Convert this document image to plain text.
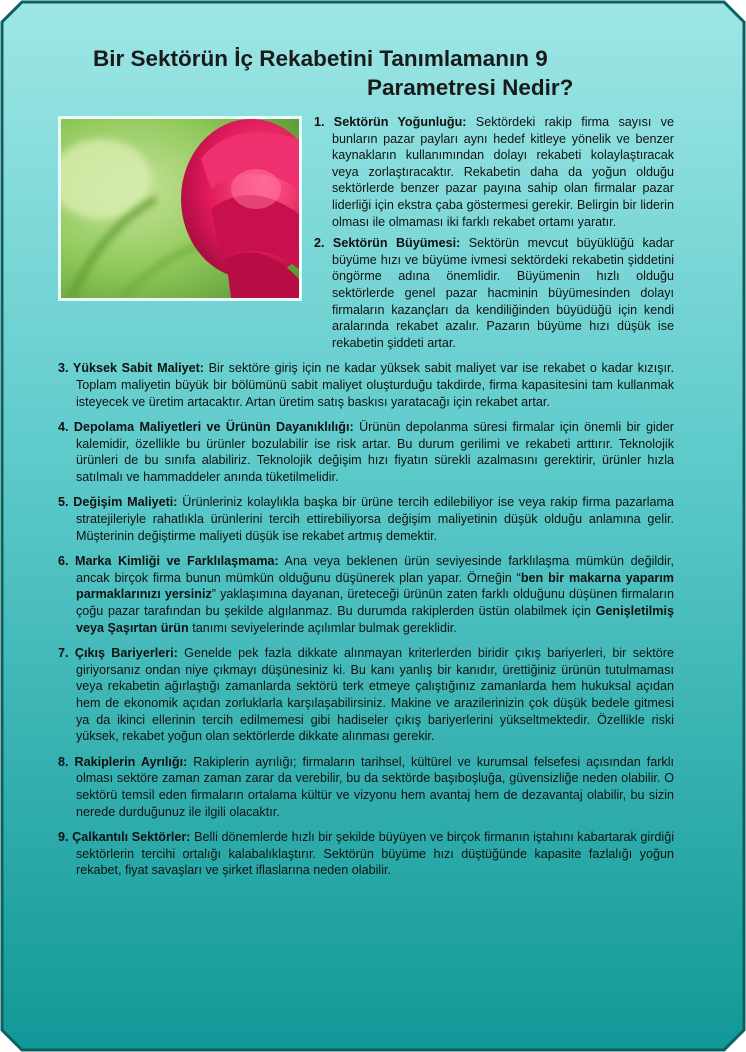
Bir Sektörün İç Rekabetini Tanımlamanın 9
Parametresi Nedir?

1. Sektörün Yoğunluğu: Sektördeki rakip firma sayısı ve bunların pazar payları aynı hedef kitleye yönelik ve benzer kaynakların kullanımından dolayı rekabeti kolaylaştıracak veya zorlaştıracaktır. Rekabetin daha da yoğun olduğu sektörlerde benzer pazar payına sahip olan firmalar pazar liderliği için ekstra çaba göstermesi gerekir. Belirgin bir liderin olması ile olmaması iki farklı rekabet ortamı yaratır.

2. Sektörün Büyümesi: Sektörün mevcut büyüklüğü kadar büyüme hızı ve büyüme ivmesi sektördeki rekabetin şiddetini öngörme adına önemlidir. Büyümenin hızlı olduğu sektörlerde genel pazar hacminin büyümesinden dolayı firmaların kazançları da kendiliğinden büyüdüğü için kendi aralarında rekabet azalır. Pazarın büyüme hızı düşük ise rekabetin şiddeti artar.

3. Yüksek Sabit Maliyet: Bir sektöre giriş için ne kadar yüksek sabit maliyet var ise rekabet o kadar kızışır. Toplam maliyetin büyük bir bölümünü sabit maliyet oluşturduğu takdirde, firma kapasitesini tam kullanmak isteyecek ve üretim artacaktır. Artan üretim satış baskısı yaratacağı için rekabet artar.

4. Depolama Maliyetleri ve Ürünün Dayanıklılığı: Ürünün depolanma süresi firmalar için önemli bir gider kalemidir, özellikle bu ürünler bozulabilir ise risk artar. Bu durum gerilimi ve rekabeti arttırır. Teknolojik ürünleri de bu sınıfa alabiliriz. Teknolojik değişim hızı fiyatın sürekli azalmasını gerektirir, ürünler hızla satılmalı ve hammaddeler anında tüketilmelidir.

5. Değişim Maliyeti: Ürünleriniz kolaylıkla başka bir ürüne tercih edilebiliyor ise veya rakip firma pazarlama stratejileriyle rahatlıkla ürünlerini tercih ettirebiliyorsa değişim maliyetinin düşük olduğu anlamına gelir. Müşterinin değiştirme maliyeti düşük ise rekabet artmış demektir.

6. Marka Kimliği ve Farklılaşmama: Ana veya beklenen ürün seviyesinde farklılaşma mümkün değildir, ancak birçok firma bunun mümkün olduğunu düşünerek plan yapar. Örneğin “ben bir makarna yaparım parmaklarınızı yersiniz” yaklaşımına dayanan, üreteceği ürünün zaten farklı olduğunu düşünen firmaların çoğu pazar tarafından bu şekilde algılanmaz. Bu durumda rakiplerden üstün olabilmek için Genişletilmiş veya Şaşırtan ürün tanımı seviyelerinde açılımlar bulmak gereklidir.

7. Çıkış Bariyerleri: Genelde pek fazla dikkate alınmayan kriterlerden biridir çıkış bariyerleri, bir sektöre giriyorsanız ondan niye çıkmayı düşünesiniz ki. Bu kanı yanlış bir kanıdır, ürettiğiniz ürünün tutulmaması veya rekabetin ağırlaştığı zamanlarda sektörü terk etmeye çalıştığınız zamanlarda hem hukuksal açıdan hem de ekonomik açıdan zorluklarla karşılaşabilirsiniz. Makine ve arazilerinizin çok düşük bedele gitmesi ya da ikinci ellerinin tercih edilmemesi gibi hadiseler çıkış bariyerlerini yükseltmektedir. Özellikle riski yüksek, rekabet yoğun olan sektörlerde dikkate alınması gerekir.

8. Rakiplerin Ayrılığı: Rakiplerin ayrılığı; firmaların tarihsel, kültürel ve kurumsal felsefesi açısından farklı olması sektöre zaman zaman zarar da verebilir, bu da sektörde başıboşluğa, güvensizliğe neden olabilir. O sektörü temsil eden firmaların ortalama kültür ve vizyonu hem avantaj hem de dezavantaj olabilir, bu sizin nerede durduğunuz ile ilgili olacaktır.

9. Çalkantılı Sektörler: Belli dönemlerde hızlı bir şekilde büyüyen ve birçok firmanın iştahını kabartarak girdiği sektörlerin tercihi ortalığı kalabalıklaştırır. Sektörün büyüme hızı düştüğünde kapasite fazlalığı yoğun rekabet, fiyat savaşları ve şirket iflaslarına neden olabilir.
